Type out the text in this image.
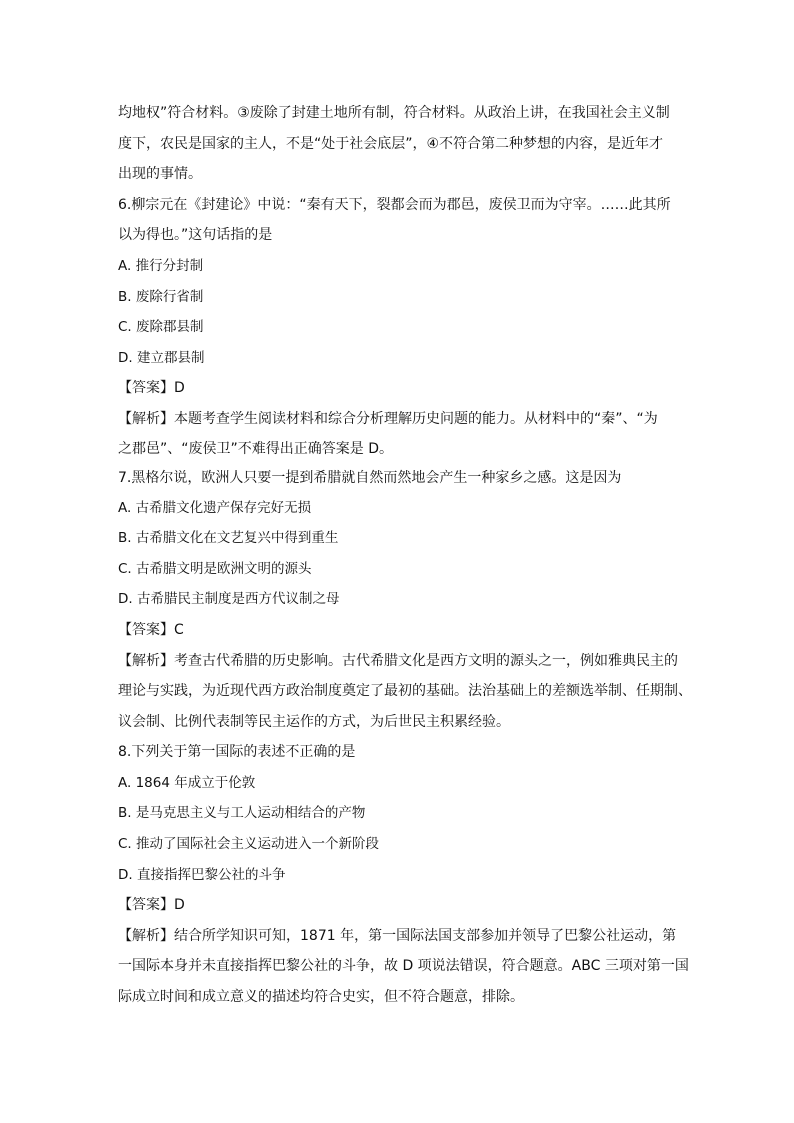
均地权”符合材料。③废除了封建土地所有制，符合材料。从政治上讲，在我国社会主义制
度下，农民是国家的主人，不是“处于社会底层”，④不符合第二种梦想的内容，是近年才
出现的事情。
6.柳宗元在《封建论》中说：“秦有天下，裂都会而为郡邑，废侯卫而为守宰。……此其所
以为得也。”这句话指的是
A. 推行分封制
B. 废除行省制
C. 废除郡县制
D. 建立郡县制
【答案】D
【解析】本题考查学生阅读材料和综合分析理解历史问题的能力。从材料中的“秦”、“为
之郡邑”、“废侯卫”不难得出正确答案是 D。
7.黑格尔说，欧洲人只要一提到希腊就自然而然地会产生一种家乡之感。这是因为
A. 古希腊文化遗产保存完好无损
B. 古希腊文化在文艺复兴中得到重生
C. 古希腊文明是欧洲文明的源头
D. 古希腊民主制度是西方代议制之母
【答案】C
【解析】考查古代希腊的历史影响。古代希腊文化是西方文明的源头之一，例如雅典民主的
理论与实践，为近现代西方政治制度奠定了最初的基础。法治基础上的差额选举制、任期制、
议会制、比例代表制等民主运作的方式，为后世民主积累经验。
8.下列关于第一国际的表述不正确的是
A. 1864 年成立于伦敦
B. 是马克思主义与工人运动相结合的产物
C. 推动了国际社会主义运动进入一个新阶段
D. 直接指挥巴黎公社的斗争
【答案】D
【解析】结合所学知识可知，1871 年，第一国际法国支部参加并领导了巴黎公社运动，第
一国际本身并未直接指挥巴黎公社的斗争，故 D 项说法错误，符合题意。ABC 三项对第一国
际成立时间和成立意义的描述均符合史实，但不符合题意，排除。
